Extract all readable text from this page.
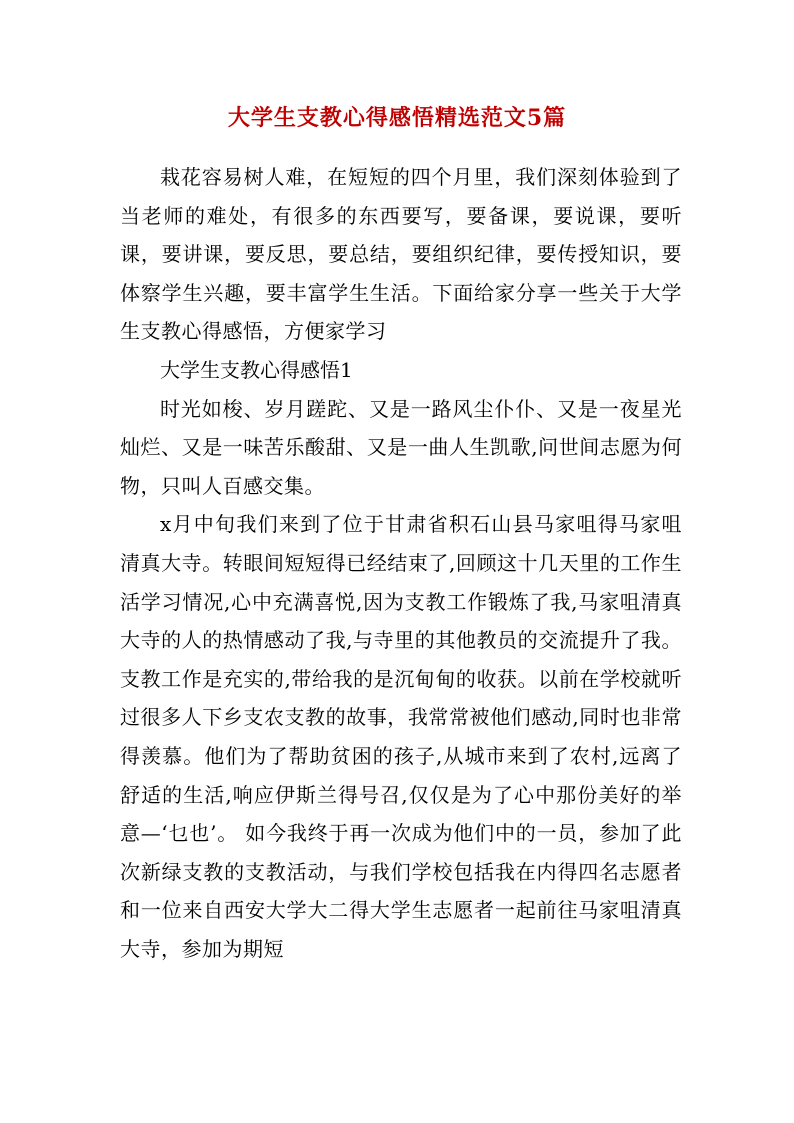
大学生支教心得感悟精选范文5篇

栽花容易树人难，在短短的四个月里，我们深刻体验到了当老师的难处，有很多的东西要写，要备课，要说课，要听课，要讲课，要反思，要总结，要组织纪律，要传授知识，要体察学生兴趣，要丰富学生生活。下面给家分享一些关于大学生支教心得感悟，方便家学习

大学生支教心得感悟1

时光如梭、岁月蹉跎、又是一路风尘仆仆、又是一夜星光灿烂、又是一味苦乐酸甜、又是一曲人生凯歌,问世间志愿为何物，只叫人百感交集。

x月中旬我们来到了位于甘肃省积石山县马家咀得马家咀清真大寺。转眼间短短得已经结束了,回顾这十几天里的工作生活学习情况,心中充满喜悦,因为支教工作锻炼了我,马家咀清真大寺的人的热情感动了我,与寺里的其他教员的交流提升了我。支教工作是充实的,带给我的是沉甸甸的收获。以前在学校就听过很多人下乡支农支教的故事，我常常被他们感动,同时也非常得羡慕。他们为了帮助贫困的孩子,从城市来到了农村,远离了舒适的生活,响应伊斯兰得号召,仅仅是为了心中那份美好的举意—‘乜也’。 如今我终于再一次成为他们中的一员，参加了此次新绿支教的支教活动，与我们学校包括我在内得四名志愿者和一位来自西安大学大二得大学生志愿者一起前往马家咀清真大寺，参加为期短
